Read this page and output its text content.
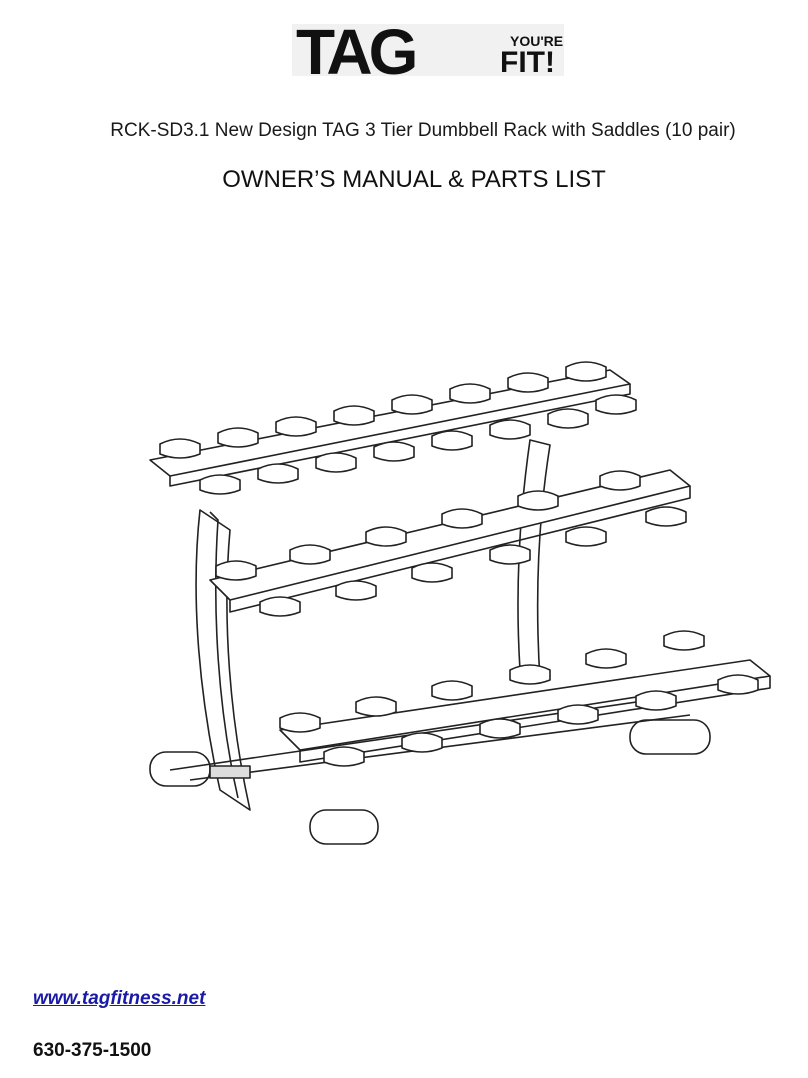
TAG	YOU'RE
FIT!
RCK-SD3.1 New Design TAG 3 Tier Dumbbell Rack with Saddles (10 pair)
OWNER’S MANUAL & PARTS LIST
www.tagfitness.net
630-375-1500
